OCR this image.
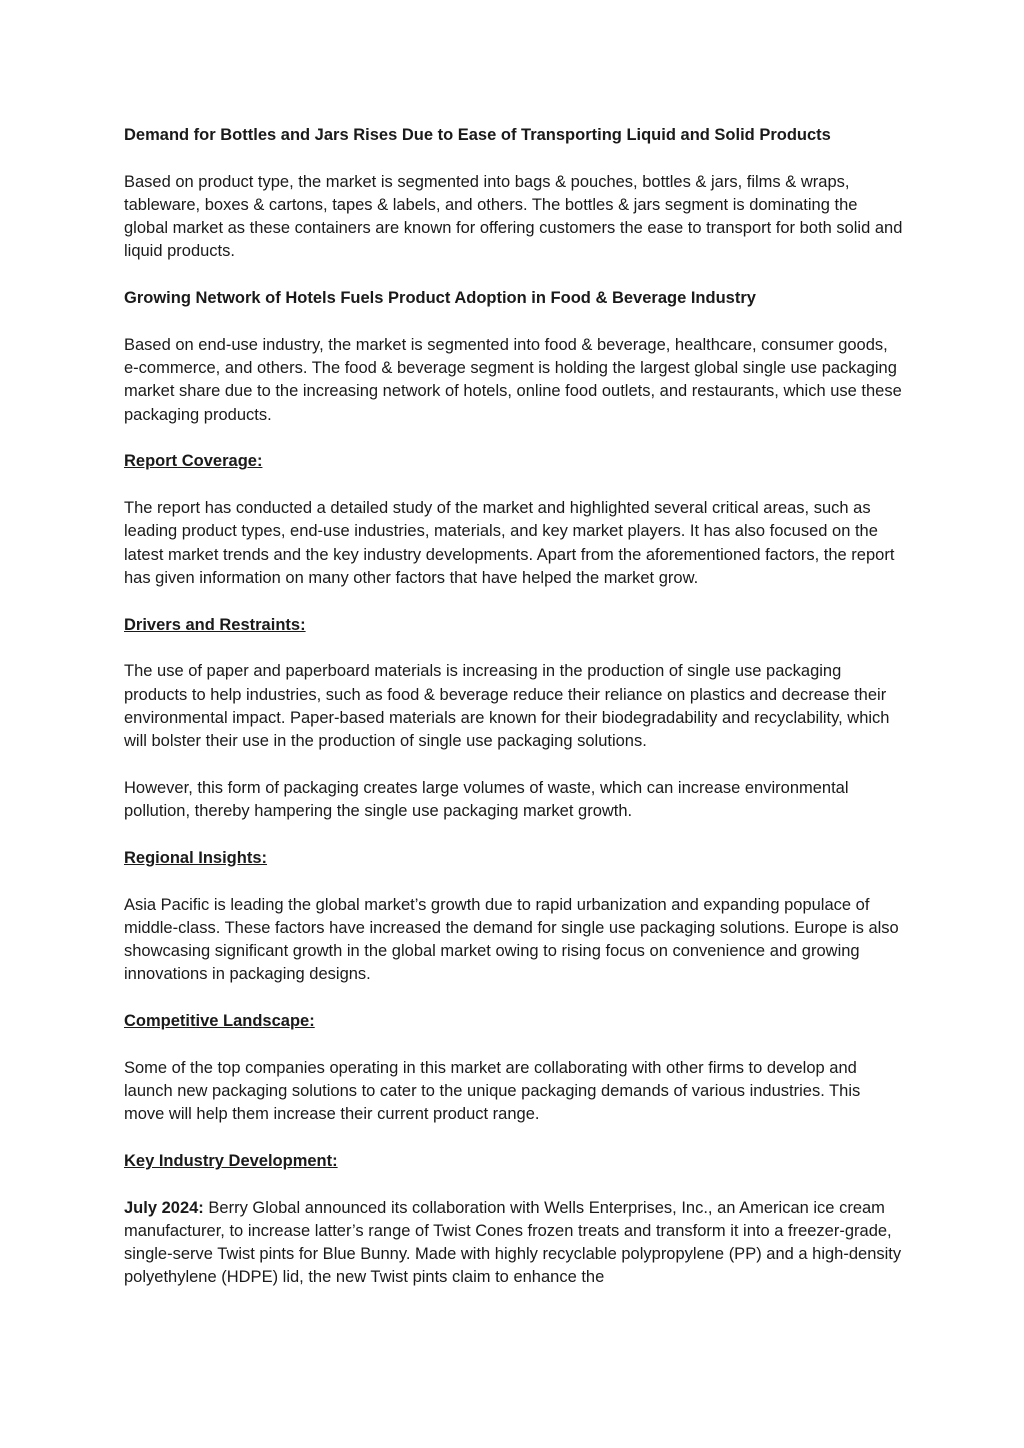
Demand for Bottles and Jars Rises Due to Ease of Transporting Liquid and Solid Products

Based on product type, the market is segmented into bags & pouches, bottles & jars, films & wraps, tableware, boxes & cartons, tapes & labels, and others. The bottles & jars segment is dominating the global market as these containers are known for offering customers the ease to transport for both solid and liquid products.

Growing Network of Hotels Fuels Product Adoption in Food & Beverage Industry

Based on end-use industry, the market is segmented into food & beverage, healthcare, consumer goods, e-commerce, and others. The food & beverage segment is holding the largest global single use packaging market share due to the increasing network of hotels, online food outlets, and restaurants, which use these packaging products.

Report Coverage:

The report has conducted a detailed study of the market and highlighted several critical areas, such as leading product types, end-use industries, materials, and key market players. It has also focused on the latest market trends and the key industry developments. Apart from the aforementioned factors, the report has given information on many other factors that have helped the market grow.

Drivers and Restraints:

The use of paper and paperboard materials is increasing in the production of single use packaging products to help industries, such as food & beverage reduce their reliance on plastics and decrease their environmental impact. Paper-based materials are known for their biodegradability and recyclability, which will bolster their use in the production of single use packaging solutions.

However, this form of packaging creates large volumes of waste, which can increase environmental pollution, thereby hampering the single use packaging market growth.

Regional Insights:

Asia Pacific is leading the global market’s growth due to rapid urbanization and expanding populace of middle-class. These factors have increased the demand for single use packaging solutions. Europe is also showcasing significant growth in the global market owing to rising focus on convenience and growing innovations in packaging designs.

Competitive Landscape:

Some of the top companies operating in this market are collaborating with other firms to develop and launch new packaging solutions to cater to the unique packaging demands of various industries. This move will help them increase their current product range.

Key Industry Development:

July 2024: Berry Global announced its collaboration with Wells Enterprises, Inc., an American ice cream manufacturer, to increase latter’s range of Twist Cones frozen treats and transform it into a freezer-grade, single-serve Twist pints for Blue Bunny. Made with highly recyclable polypropylene (PP) and a high-density polyethylene (HDPE) lid, the new Twist pints claim to enhance the
